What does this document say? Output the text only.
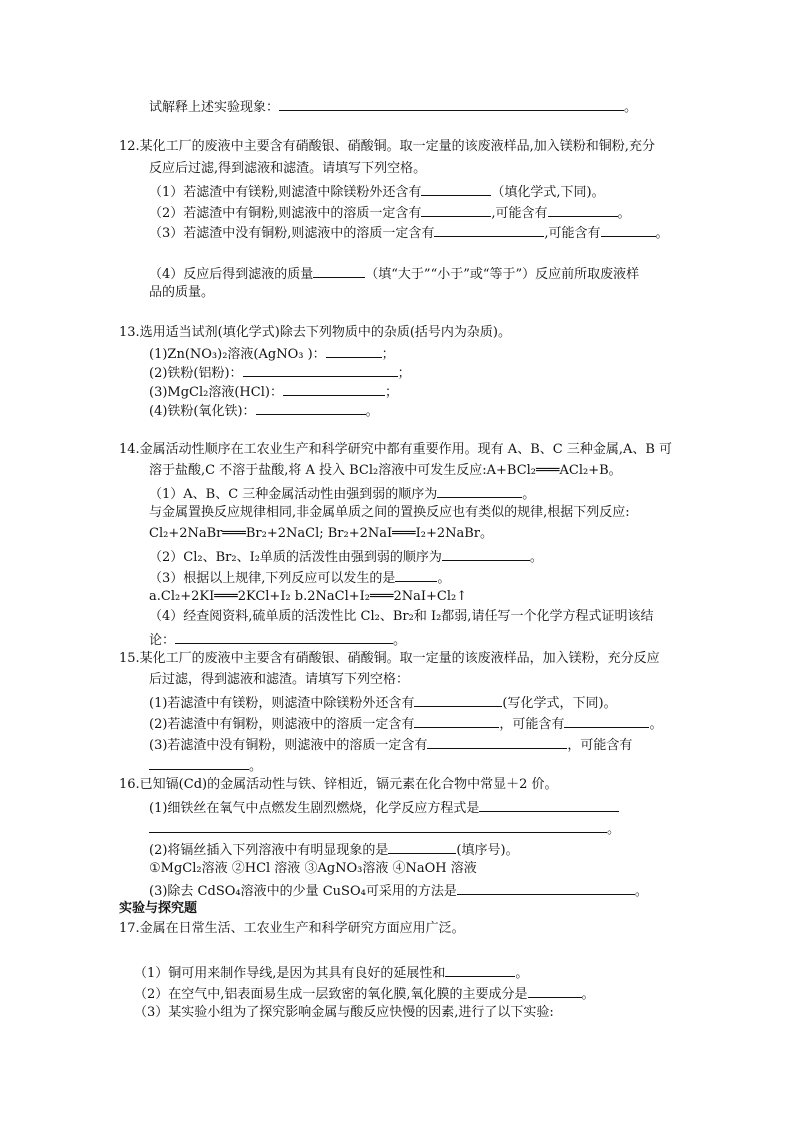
试解释上述实验现象：	。
12.某化工厂的废液中主要含有硝酸银、硝酸铜。取一定量的该废液样品,加入镁粉和铜粉,充分
反应后过滤,得到滤液和滤渣。请填写下列空格。
（1）若滤渣中有镁粉,则滤渣中除镁粉外还含有	（填化学式,下同)。
（2）若滤渣中有铜粉,则滤液中的溶质一定含有	,可能含有	。
（3）若滤渣中没有铜粉,则滤液中的溶质一定含有	,可能含有	。
（4）反应后得到滤液的质量	（填“大于”“小于”或“等于”）反应前所取废液样
品的质量。
13.选用适当试剂(填化学式)除去下列物质中的杂质(括号内为杂质)。
(1)Zn(NO₃)₂溶液(AgNO₃ )：	；
(2)铁粉(铝粉)：	；
(3)MgCl₂溶液(HCl)：	；
(4)铁粉(氧化铁)：	。
14.金属活动性顺序在工农业生产和科学研究中都有重要作用。现有 A、B、C 三种金属,A、B 可
溶于盐酸,C 不溶于盐酸,将 A 投入 BCl₂溶液中可发生反应:A+BCl₂═══ACl₂+B。
（1）A、B、C 三种金属活动性由强到弱的顺序为	。
与金属置换反应规律相同,非金属单质之间的置换反应也有类似的规律,根据下列反应:
Cl₂+2NaBr═══Br₂+2NaCl; Br₂+2NaI═══I₂+2NaBr。
（2）Cl₂、Br₂、I₂单质的活泼性由强到弱的顺序为	。
（3）根据以上规律,下列反应可以发生的是	。
a.Cl₂+2KI═══2KCl+I₂ b.2NaCl+I₂═══2NaI+Cl₂↑
（4）经查阅资料,硫单质的活泼性比 Cl₂、Br₂和 I₂都弱,请任写一个化学方程式证明该结
论：	。
15.某化工厂的废液中主要含有硝酸银、硝酸铜。取一定量的该废液样品，加入镁粉，充分反应
后过滤，得到滤液和滤渣。请填写下列空格：
(1)若滤渣中有镁粉，则滤渣中除镁粉外还含有	(写化学式，下同)。
(2)若滤渣中有铜粉，则滤液中的溶质一定含有	，可能含有	。
(3)若滤渣中没有铜粉，则滤液中的溶质一定含有	，可能含有
。
16.已知镉(Cd)的金属活动性与铁、锌相近，镉元素在化合物中常显＋2 价。
(1)细铁丝在氧气中点燃发生剧烈燃烧，化学反应方程式是
。
(2)将镉丝插入下列溶液中有明显现象的是	(填序号)。
①MgCl₂溶液 ②HCl 溶液 ③AgNO₃溶液 ④NaOH 溶液
(3)除去 CdSO₄溶液中的少量 CuSO₄可采用的方法是	。
实验与探究题
17.金属在日常生活、工农业生产和科学研究方面应用广泛。
（1）铜可用来制作导线,是因为其具有良好的延展性和	。
（2）在空气中,铝表面易生成一层致密的氧化膜,氧化膜的主要成分是	。
（3）某实验小组为了探究影响金属与酸反应快慢的因素,进行了以下实验:
